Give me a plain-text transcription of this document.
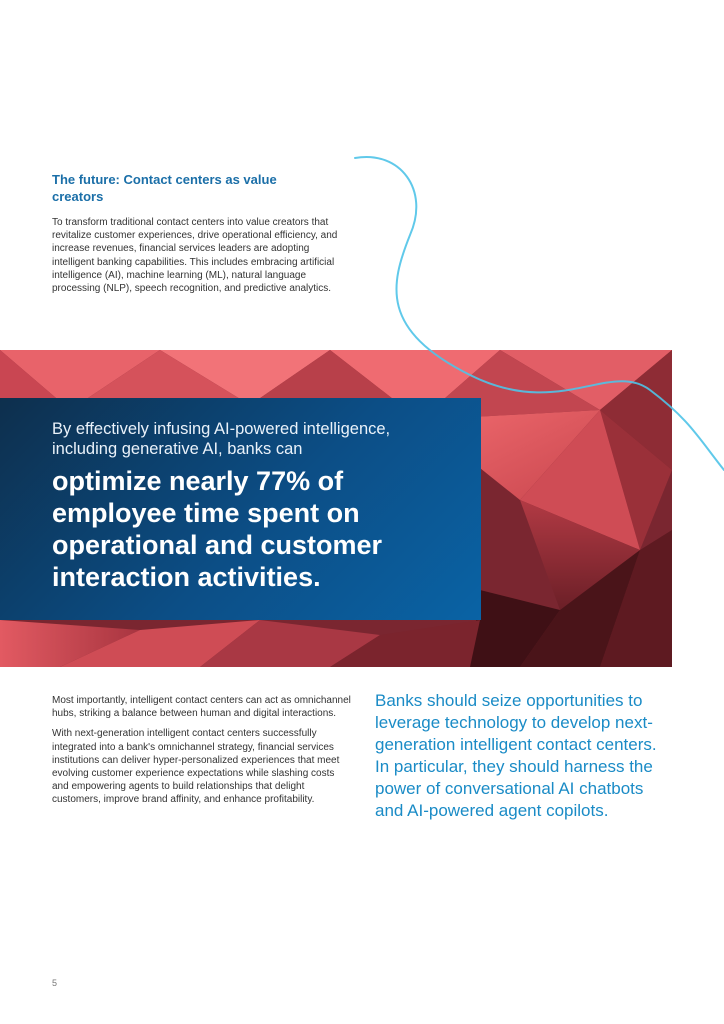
The future: Contact centers as value creators

To transform traditional contact centers into value creators that revitalize customer experiences, drive operational efficiency, and increase revenues, financial services leaders are adopting intelligent banking capabilities. This includes embracing artificial intelligence (AI), machine learning (ML), natural language processing (NLP), speech recognition, and predictive analytics.

By effectively infusing AI-powered intelligence, including generative AI, banks can

optimize nearly 77% of employee time spent on operational and customer interaction activities.

Most importantly, intelligent contact centers can act as omnichannel hubs, striking a balance between human and digital interactions.

With next-generation intelligent contact centers successfully integrated into a bank's omnichannel strategy, financial services institutions can deliver hyper-personalized experiences that meet evolving customer experience expectations while slashing costs and empowering agents to build relationships that delight customers, improve brand affinity, and enhance profitability.

Banks should seize opportunities to leverage technology to develop next-generation intelligent contact centers. In particular, they should harness the power of conversational AI chatbots and AI-powered agent copilots.

5
